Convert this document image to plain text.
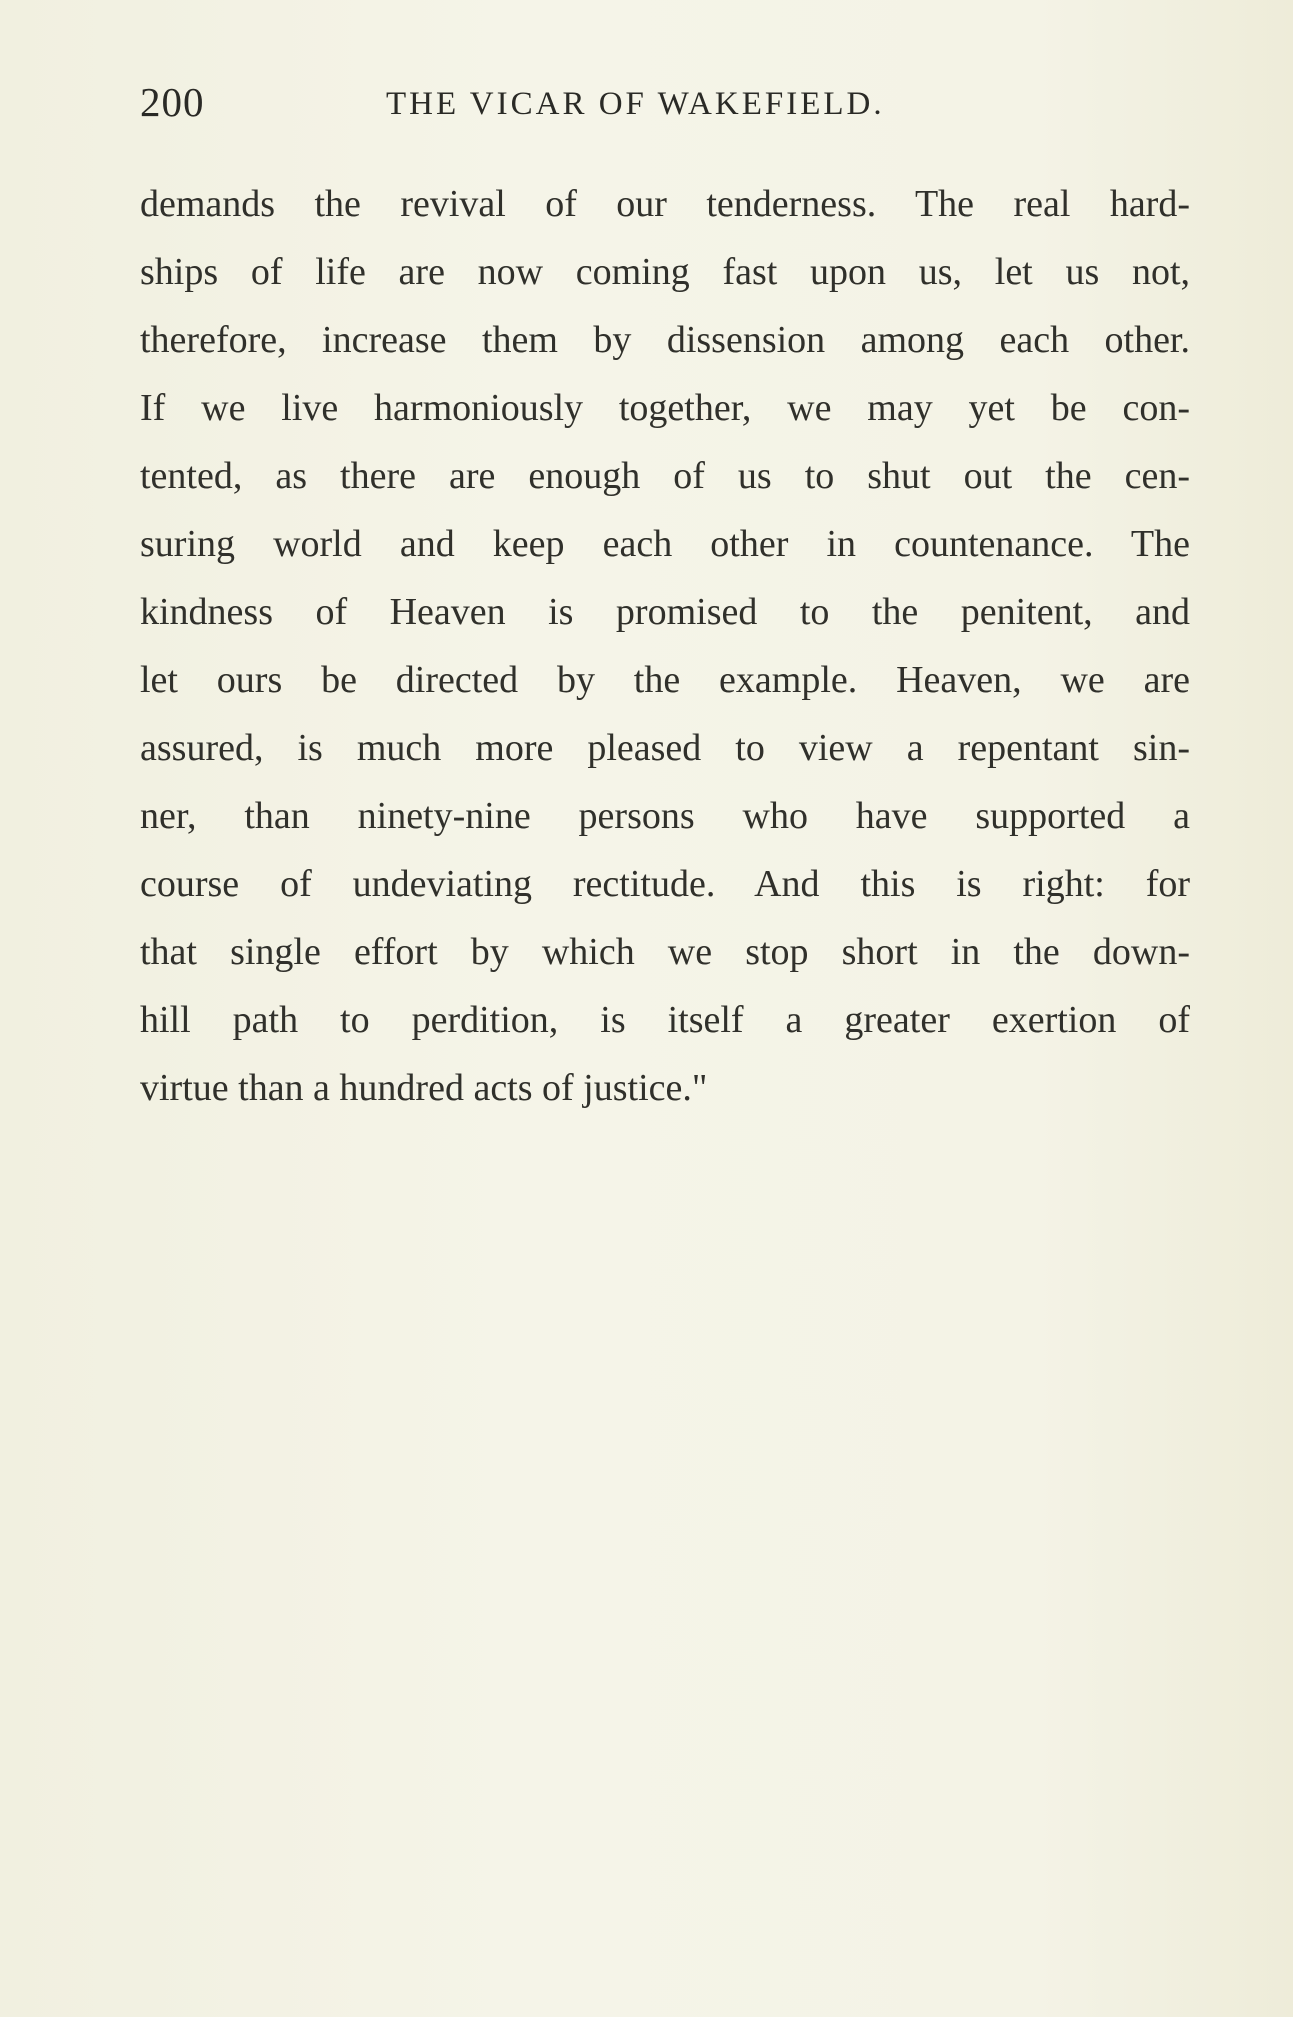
200	THE VICAR OF WAKEFIELD.
demands the revival of our tenderness. The real hard-
ships of life are now coming fast upon us, let us not,
therefore, increase them by dissension among each other.
If we live harmoniously together, we may yet be con-
tented, as there are enough of us to shut out the cen-
suring world and keep each other in countenance. The
kindness of Heaven is promised to the penitent, and
let ours be directed by the example. Heaven, we are
assured, is much more pleased to view a repentant sin-
ner, than ninety-nine persons who have supported a
course of undeviating rectitude. And this is right: for
that single effort by which we stop short in the down-
hill path to perdition, is itself a greater exertion of
virtue than a hundred acts of justice."
